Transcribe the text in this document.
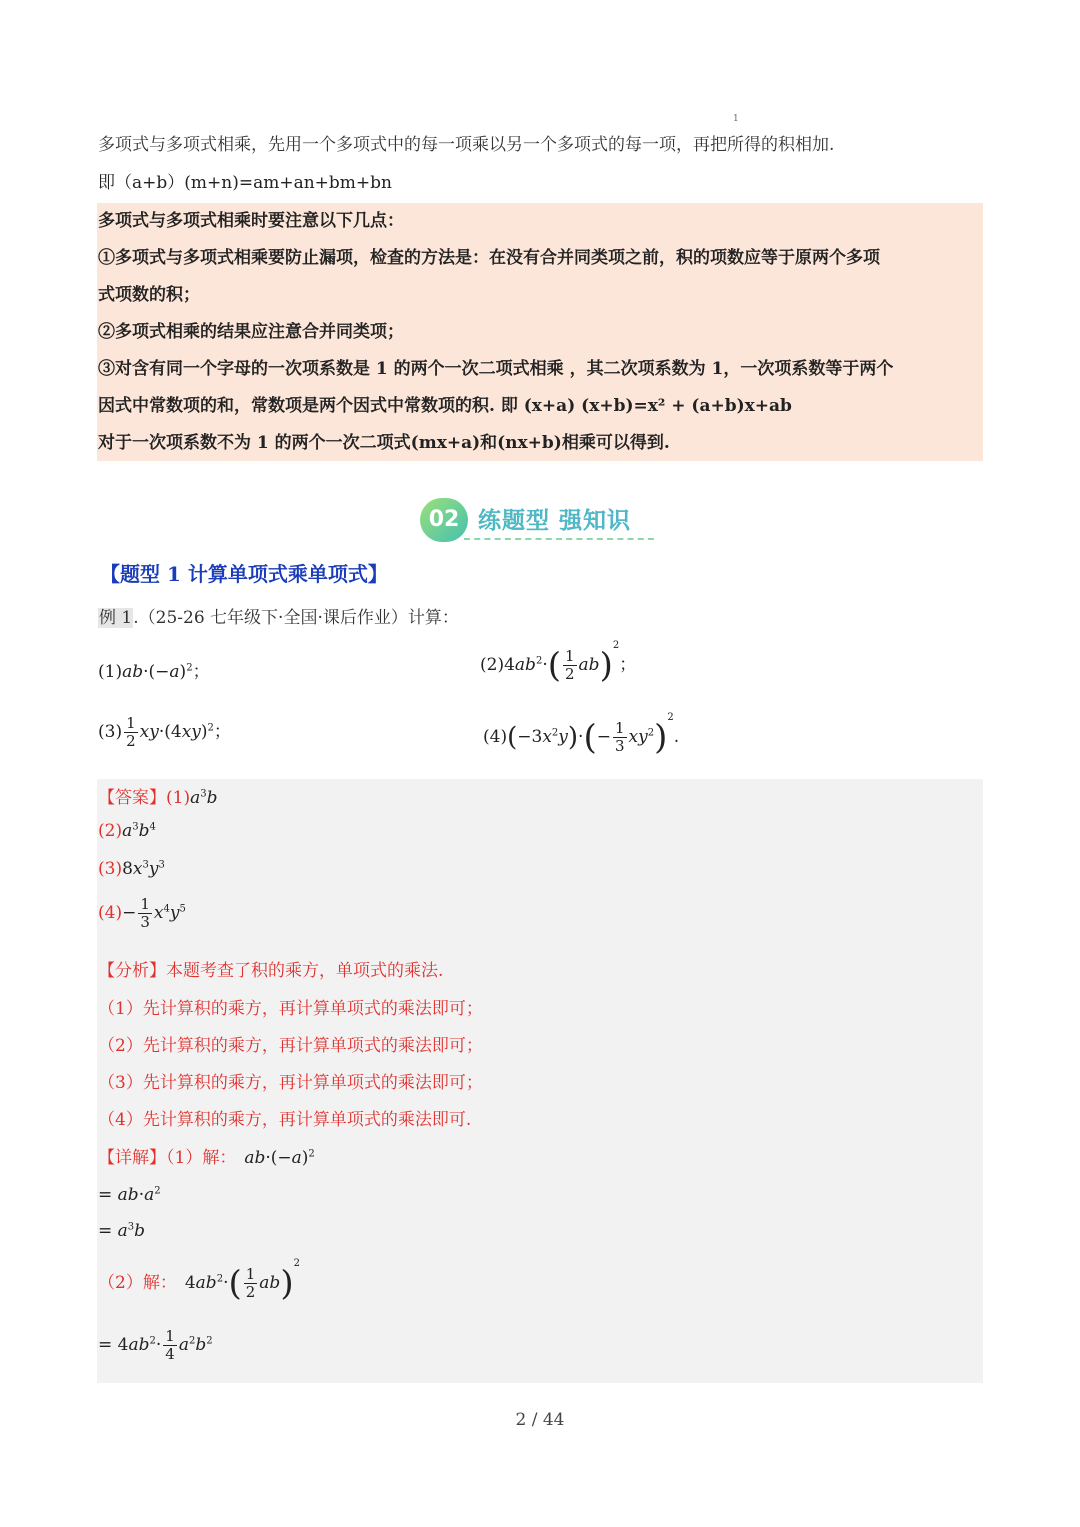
1
多项式与多项式相乘，先用一个多项式中的每一项乘以另一个多项式的每一项，再把所得的积相加.
即（a+b）(m+n)=am+an+bm+bn
多项式与多项式相乘时要注意以下几点：
①多项式与多项式相乘要防止漏项，检查的方法是：在没有合并同类项之前，积的项数应等于原两个多项
式项数的积；
②多项式相乘的结果应注意合并同类项；
③对含有同一个字母的一次项系数是 1 的两个一次二项式相乘 ，其二次项系数为 1，一次项系数等于两个
因式中常数项的和，常数项是两个因式中常数项的积. 即 (x+a) (x+b)=x² + (a+b)x+ab
对于一次项系数不为 1 的两个一次二项式(mx+a)和(nx+b)相乘可以得到.
02 练题型 强知识
【题型 1 计算单项式乘单项式】
例 1.（25-26 七年级下·全国·课后作业）计算：
$(1)ab\cdot(-a)^2$；	$(2)4ab^2\cdot( \frac{1}{2} ab)^2$；
$(3) \frac{1}{2} xy\cdot(4xy)^2$；	$(4)(-3x^2y)\cdot(- \frac{1}{3} xy^2)^2$.
【答案】$(1)a^3b$
$(2)a^3b^4$
$(3)8x^3y^3$
$(4)- \frac{1}{3} x^4y^5$
【分析】本题考查了积的乘方，单项式的乘法.
（1）先计算积的乘方，再计算单项式的乘法即可；
（2）先计算积的乘方，再计算单项式的乘法即可；
（3）先计算积的乘方，再计算单项式的乘法即可；
（4）先计算积的乘方，再计算单项式的乘法即可.
【详解】（1）解： $ab\cdot(-a)^2$
= $ab\cdot a^2$
= $a^3b$
（2）解： $4ab^2\cdot( \frac{1}{2} ab)^2$
= $4ab^2\cdot \frac{1}{4} a^2b^2$
2 / 44
